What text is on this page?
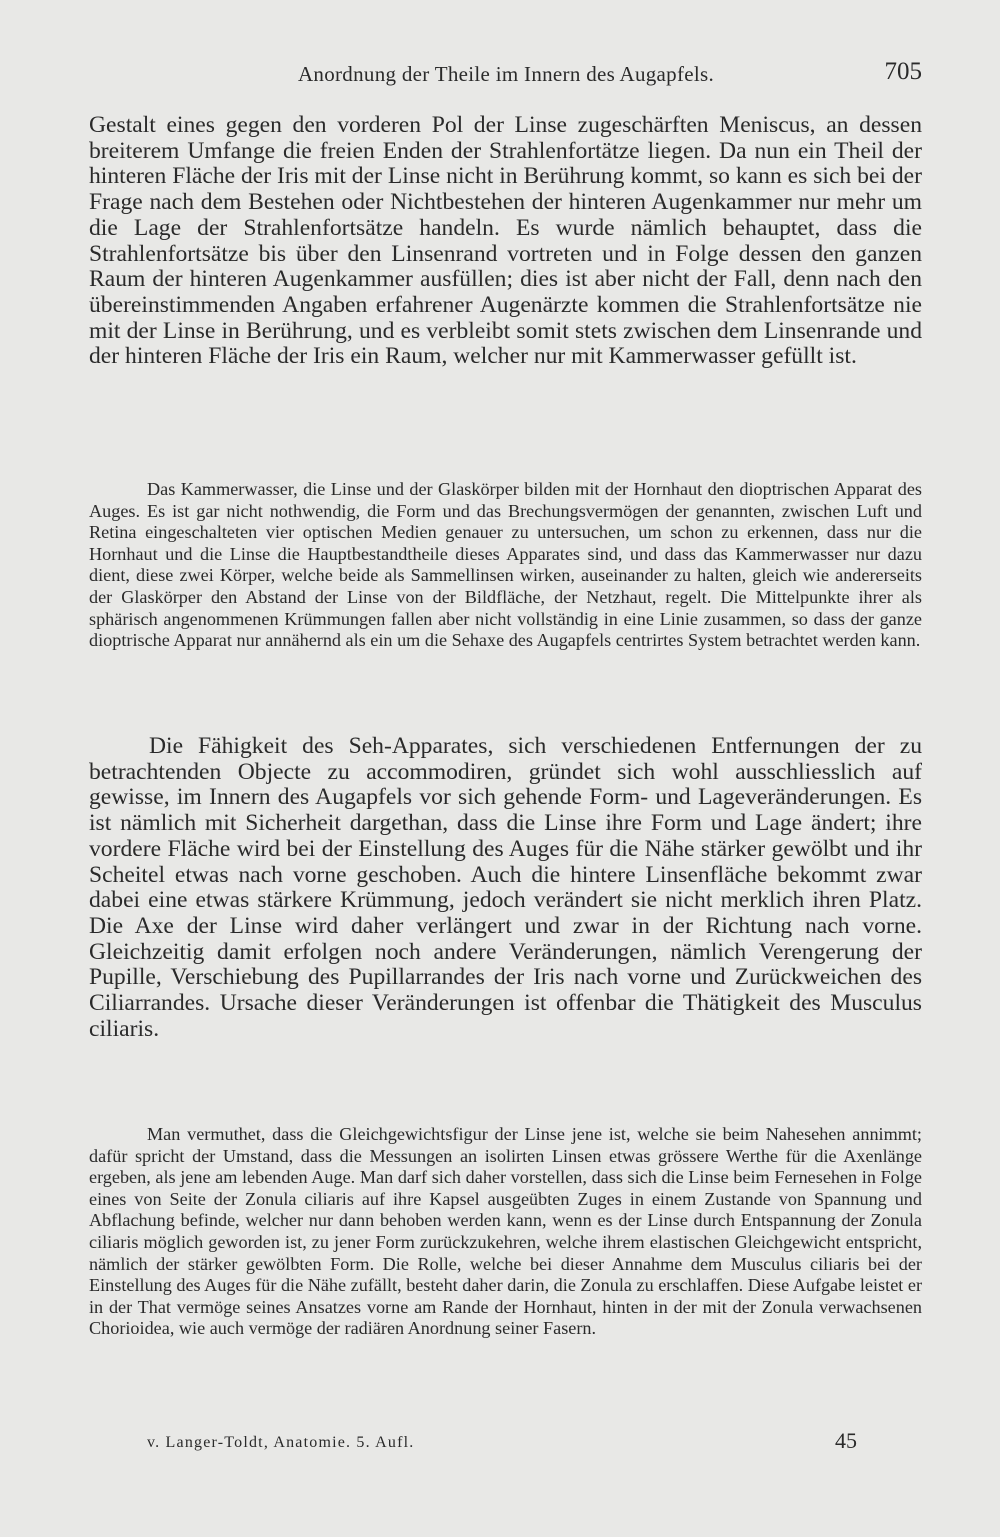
Anordnung der Theile im Innern des Augapfels.	705

Gestalt eines gegen den vorderen Pol der Linse zugeschärften Meniscus, an dessen breiterem Umfange die freien Enden der Strahlenfortätze liegen. Da nun ein Theil der hinteren Fläche der Iris mit der Linse nicht in Berührung kommt, so kann es sich bei der Frage nach dem Bestehen oder Nichtbestehen der hinteren Augenkammer nur mehr um die Lage der Strahlenfortsätze handeln. Es wurde nämlich behauptet, dass die Strahlenfortsätze bis über den Linsenrand vortreten und in Folge dessen den ganzen Raum der hinteren Augenkammer ausfüllen; dies ist aber nicht der Fall, denn nach den übereinstimmenden Angaben erfahrener Augenärzte kommen die Strahlenfortsätze nie mit der Linse in Berührung, und es verbleibt somit stets zwischen dem Linsenrande und der hinteren Fläche der Iris ein Raum, welcher nur mit Kammerwasser gefüllt ist.

Das Kammerwasser, die Linse und der Glaskörper bilden mit der Hornhaut den dioptrischen Apparat des Auges. Es ist gar nicht nothwendig, die Form und das Brechungsvermögen der genannten, zwischen Luft und Retina eingeschalteten vier optischen Medien genauer zu untersuchen, um schon zu erkennen, dass nur die Hornhaut und die Linse die Hauptbestandtheile dieses Apparates sind, und dass das Kammerwasser nur dazu dient, diese zwei Körper, welche beide als Sammellinsen wirken, auseinander zu halten, gleich wie andererseits der Glaskörper den Abstand der Linse von der Bildfläche, der Netzhaut, regelt. Die Mittelpunkte ihrer als sphärisch angenommenen Krümmungen fallen aber nicht vollständig in eine Linie zusammen, so dass der ganze dioptrische Apparat nur annähernd als ein um die Sehaxe des Augapfels centrirtes System betrachtet werden kann.

Die Fähigkeit des Seh-Apparates, sich verschiedenen Entfernungen der zu betrachtenden Objecte zu accommodiren, gründet sich wohl ausschliesslich auf gewisse, im Innern des Augapfels vor sich gehende Form- und Lageveränderungen. Es ist nämlich mit Sicherheit dargethan, dass die Linse ihre Form und Lage ändert; ihre vordere Fläche wird bei der Einstellung des Auges für die Nähe stärker gewölbt und ihr Scheitel etwas nach vorne geschoben. Auch die hintere Linsenfläche bekommt zwar dabei eine etwas stärkere Krümmung, jedoch verändert sie nicht merklich ihren Platz. Die Axe der Linse wird daher verlängert und zwar in der Richtung nach vorne. Gleichzeitig damit erfolgen noch andere Veränderungen, nämlich Verengerung der Pupille, Verschiebung des Pupillarrandes der Iris nach vorne und Zurückweichen des Ciliarrandes. Ursache dieser Veränderungen ist offenbar die Thätigkeit des Musculus ciliaris.

Man vermuthet, dass die Gleichgewichtsfigur der Linse jene ist, welche sie beim Nahesehen annimmt; dafür spricht der Umstand, dass die Messungen an isolirten Linsen etwas grössere Werthe für die Axenlänge ergeben, als jene am lebenden Auge. Man darf sich daher vorstellen, dass sich die Linse beim Fernesehen in Folge eines von Seite der Zonula ciliaris auf ihre Kapsel ausgeübten Zuges in einem Zustande von Spannung und Abflachung befinde, welcher nur dann behoben werden kann, wenn es der Linse durch Entspannung der Zonula ciliaris möglich geworden ist, zu jener Form zurückzukehren, welche ihrem elastischen Gleichgewicht entspricht, nämlich der stärker gewölbten Form. Die Rolle, welche bei dieser Annahme dem Musculus ciliaris bei der Einstellung des Auges für die Nähe zufällt, besteht daher darin, die Zonula zu erschlaffen. Diese Aufgabe leistet er in der That vermöge seines Ansatzes vorne am Rande der Hornhaut, hinten in der mit der Zonula verwachsenen Chorioidea, wie auch vermöge der radiären Anordnung seiner Fasern.

v. Langer-Toldt, Anatomie. 5. Aufl.	45
